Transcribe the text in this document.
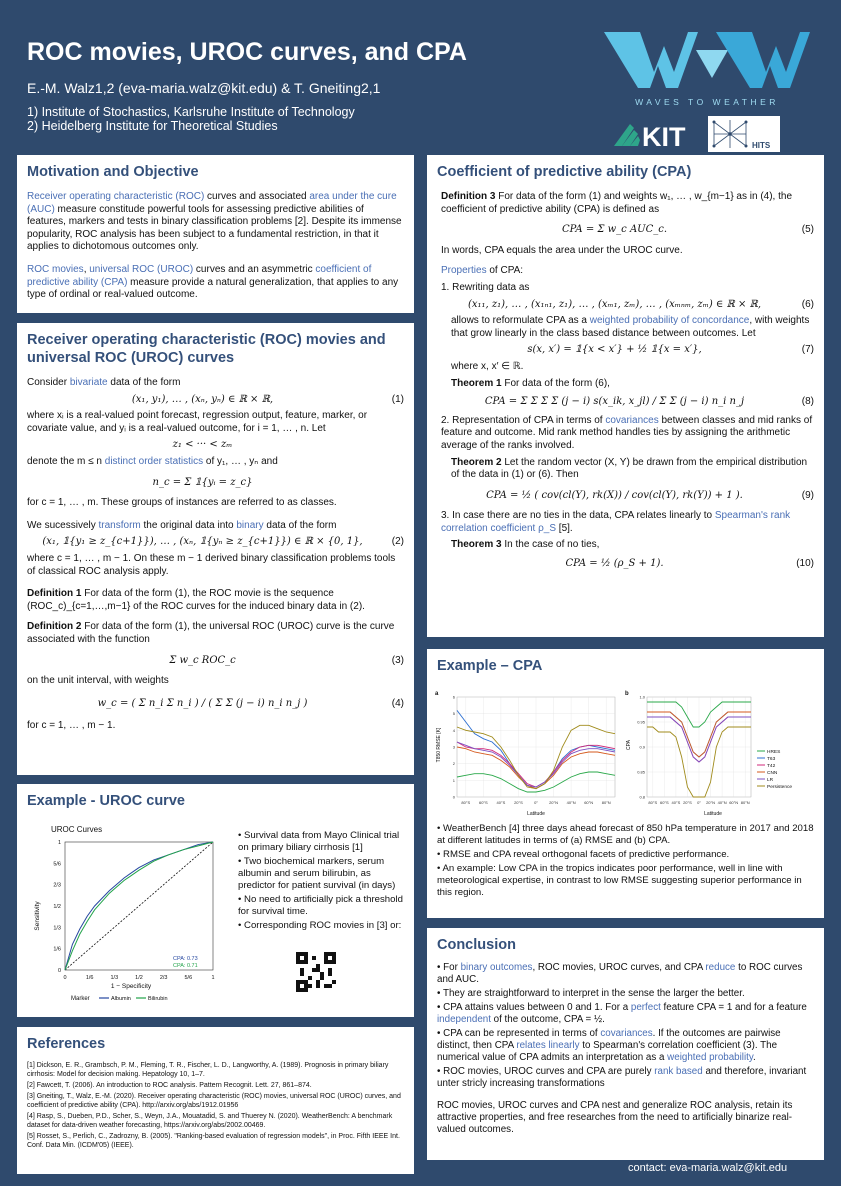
ROC movies, UROC curves, and CPA
E.-M. Walz1,2 (eva-maria.walz@kit.edu) & T. Gneiting2,1
1) Institute of Stochastics, Karlsruhe Institute of Technology
2) Heidelberg Institute for Theoretical Studies
WAVES TO WEATHER
KIT	HITS
Motivation and Objective

Receiver operating characteristic (ROC) curves and associated area under the cure (AUC) measure constitude powerful tools for assessing predictive abilities of features, markers and tests in binary classification problems [2]. Despite its immense popularity, ROC analysis has been subject to a fundamental restriction, in that it applies to dichotomous outcomes only.

ROC movies, universal ROC (UROC) curves and an asymmetric coefficient of predictive ability (CPA) measure provide a natural generalization, that applies to any type of ordinal or real-valued outcome.

Receiver operating characteristic (ROC) movies and universal ROC (UROC) curves

Consider bivariate data of the form

(x₁, y₁), … , (xₙ, yₙ) ∈ ℝ × ℝ,	(1)

where xᵢ is a real-valued point forecast, regression output, feature, marker, or covariate value, and yᵢ is a real-valued outcome, for i = 1, … , n. Let

z₁ < ··· < zₘ

denote the m ≤ n distinct order statistics of y₁, … , yₙ and

n_c = Σ 𝟙{yᵢ = z_c}

for c = 1, … , m. These groups of instances are referred to as classes.

We sucessively transform the original data into binary data of the form

(x₁, 𝟙{y₁ ≥ z_{c+1}}), … , (xₙ, 𝟙{yₙ ≥ z_{c+1}}) ∈ ℝ × {0, 1},	(2)

where c = 1, … , m − 1. On these m − 1 derived binary classification problems tools of classical ROC analysis apply.

Definition 1 For data of the form (1), the ROC movie is the sequence (ROC_c)_{c=1,…,m−1} of the ROC curves for the induced binary data in (2).

Definition 2 For data of the form (1), the universal ROC (UROC) curve is the curve associated with the function

Σ w_c ROC_c	(3)

on the unit interval, with weights

w_c = ( Σ n_i Σ n_i ) / ( Σ Σ (j − i) n_i n_j )	(4)

for c = 1, … , m − 1.

Example - UROC curve
UROC Curves
Sensitivity
1 − Specificity
Marker	Albumin	Bilirubin
CPA: 0.73
CPA: 0.71
0	1/6	1/3	1/2	2/3	5/6	1
0
1/6
1/3
1/2
2/3
5/6
1
• Survival data from Mayo Clinical trial on primary biliary cirrhosis [1]
• Two biochemical markers, serum albumin and serum bilirubin, as predictor for patient survival (in days)
• No need to artificially pick a threshold for survival time.
• Corresponding ROC movies in [3] or:
References

[1] Dickson, E. R., Grambsch, P. M., Fleming, T. R., Fischer, L. D., Langworthy, A. (1989). Prognosis in primary biliary cirrhosis: Model for decision making. Hepatology 10, 1–7.

[2] Fawcett, T. (2006). An introduction to ROC analysis. Pattern Recognit. Lett. 27, 861–874.

[3] Gneiting, T., Walz, E.-M. (2020). Receiver operating characteristic (ROC) movies, universal ROC (UROC) curves, and coefficient of predictive ability (CPA). http://arxiv.org/abs/1912.01956

[4] Rasp, S., Dueben, P.D., Scher, S., Weyn, J.A., Mouatadid, S. and Thuerey N. (2020). WeatherBench: A benchmark dataset for data-driven weather forecasting, https://arxiv.org/abs/2002.00469.

[5] Rosset, S., Perlich, C., Zadrozny, B. (2005). "Ranking-based evaluation of regression models", in Proc. Fifth IEEE Int. Conf. Data Min. (ICDM'05) (IEEE).

Coefficient of predictive ability (CPA)

Definition 3 For data of the form (1) and weights w₁, … , w_{m−1} as in (4), the coefficient of predictive ability (CPA) is defined as

CPA = Σ w_c AUC_c.	(5)

In words, CPA equals the area under the UROC curve.

Properties of CPA:

1. Rewriting data as

(x₁₁, z₁), … , (x₁ₙ₁, z₁), … , (xₘ₁, zₘ), … , (xₘₙₘ, zₘ) ∈ ℝ × ℝ,	(6)

allows to reformulate CPA as a weighted probability of concordance, with weights that grow linearly in the class based distance between outcomes. Let

s(x, x′) = 𝟙{x < x′} + ½ 𝟙{x = x′},	(7)

where x, x′ ∈ ℝ.

Theorem 1 For data of the form (6),

CPA = Σ Σ Σ Σ (j − i) s(x_ik, x_jl) / Σ Σ (j − i) n_i n_j	(8)

2. Representation of CPA in terms of covariances between classes and mid ranks of feature and outcome. Mid rank method handles ties by assigning the arithmetic average of the ranks involved.

Theorem 2 Let the random vector (X, Y) be drawn from the empirical distribution of the data in (1) or (6). Then

CPA = ½ ( cov(cl(Y), rk(X)) / cov(cl(Y), rk(Y)) + 1 ).	(9)

3. In case there are no ties in the data, CPA relates linearly to Spearman's rank correlation coefficient ρ_S [5].

Theorem 3 In the case of no ties,

CPA = ½ (ρ_S + 1).	(10)
Example – CPA
a
T850 RMSE [K]
Latitude
80°S 60°S 40°S 20°S	0°	20°N 40°N 60°N 80°N
0
1
2
3
4
5
6	b
CPA
Latitude
80°S 60°S 40°S 20°S 0° 20°N 40°N 60°N 80°N
0.8
0.85
0.9
0.95
1.0
HRES
T63
T42
CNN
LR
Persistence
• WeatherBench [4] three days ahead forecast of 850 hPa temperature in 2017 and 2018 at different latitudes in terms of (a) RMSE and (b) CPA.
• RMSE and CPA reveal orthogonal facets of predictive performance.
• An example: Low CPA in the tropics indicates poor performance, well in line with meteorological expertise, in contrast to low RMSE suggesting superior performance in this region.
Conclusion
• For binary outcomes, ROC movies, UROC curves, and CPA reduce to ROC curves and AUC.
• They are straightforward to interpret in the sense the larger the better.
• CPA attains values between 0 and 1. For a perfect feature CPA = 1 and for a feature independent of the outcome, CPA = ½.
• CPA can be represented in terms of covariances. If the outcomes are pairwise distinct, then CPA relates linearly to Spearman's correlation coefficient (3). The numerical value of CPA admits an interpretation as a weighted probability.
• ROC movies, UROC curves and CPA are purely rank based and therefore, invariant unter stricly increasing transformations

ROC movies, UROC curves and CPA nest and generalize ROC analysis, retain its attractive properties, and free researches from the need to artificially binarize real-valued outcomes.

contact: eva-maria.walz@kit.edu
